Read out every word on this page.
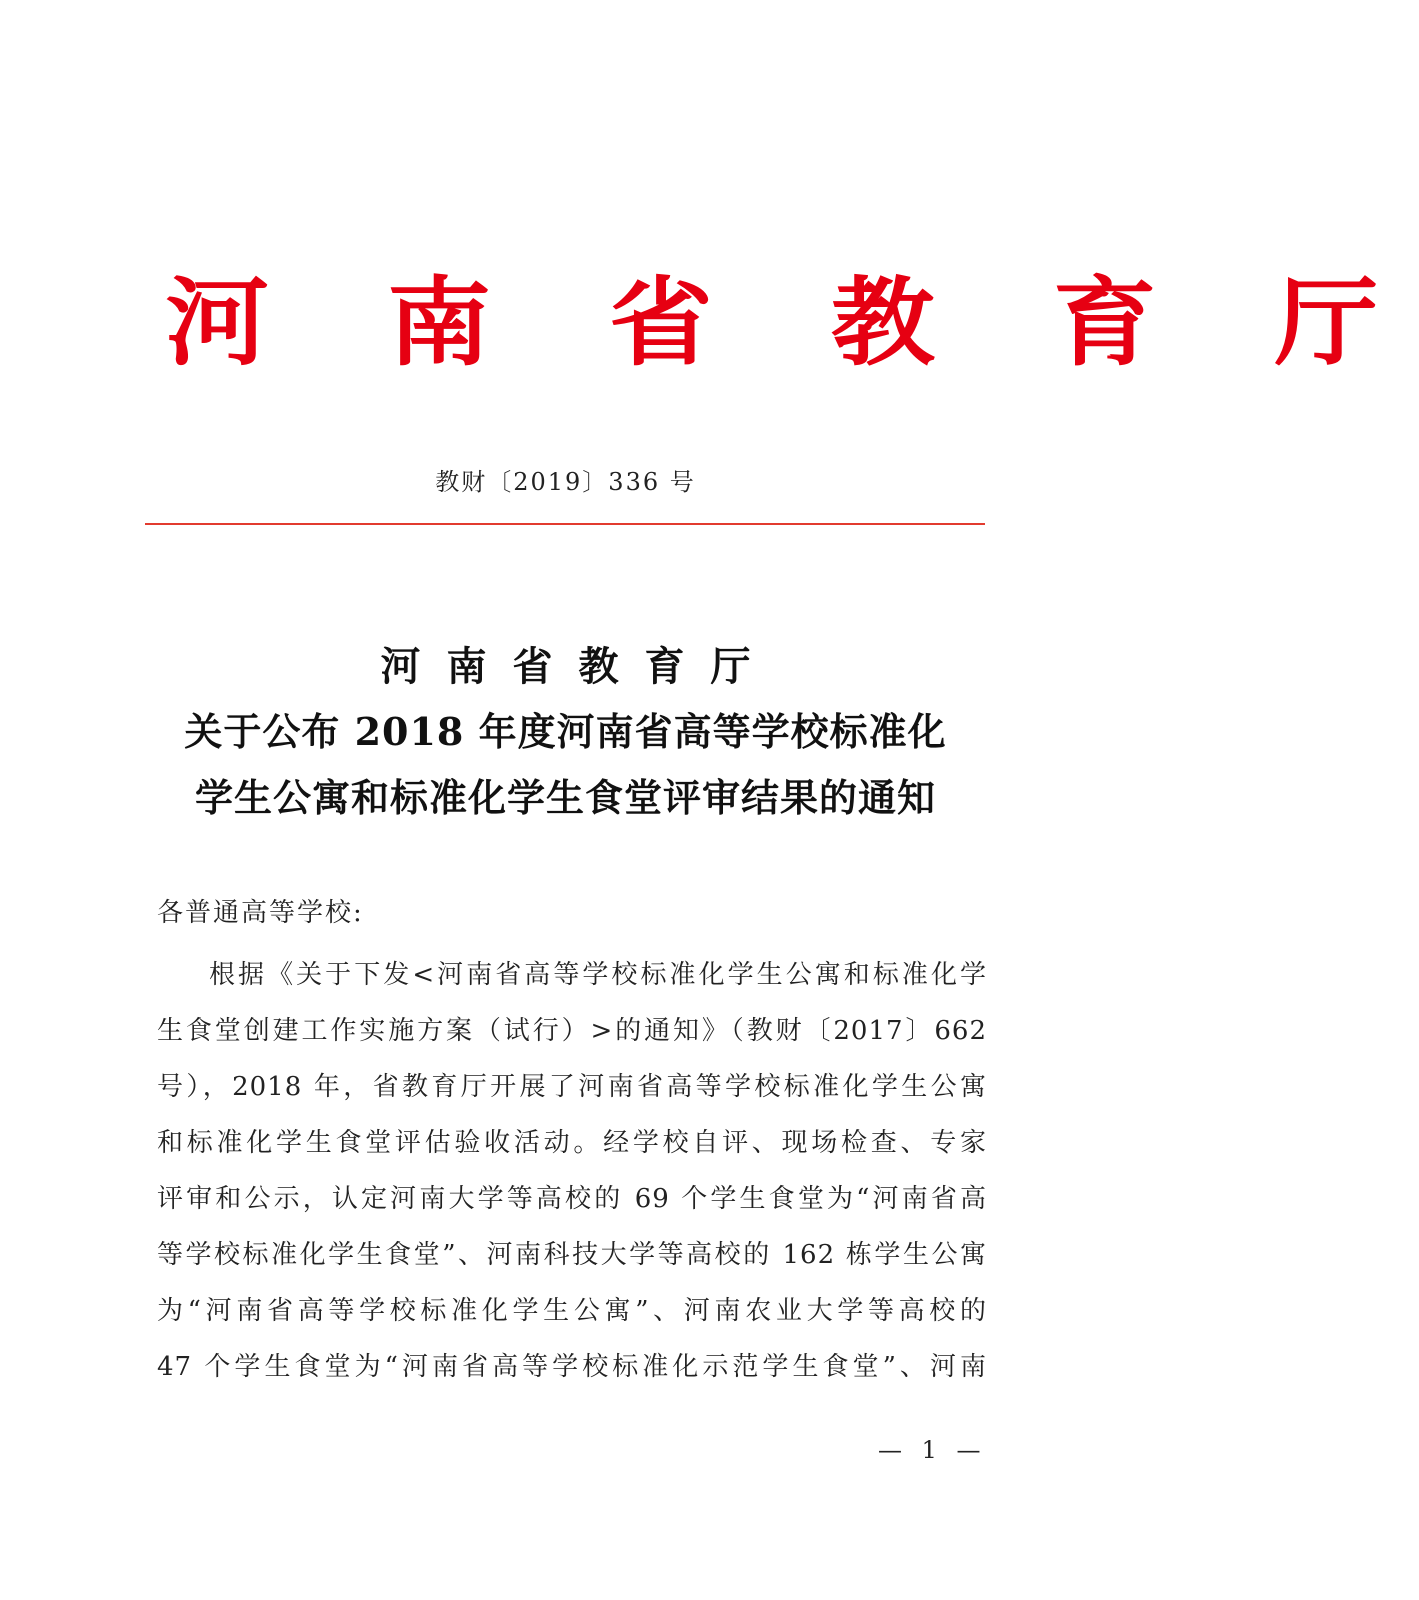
河 南 省 教 育 厅
教财〔2019〕336 号
河南省教育厅
关于公布 2018 年度河南省高等学校标准化
学生公寓和标准化学生食堂评审结果的通知
各普通高等学校:
根据《关于下发<河南省高等学校标准化学生公寓和标准化学
生食堂创建工作实施方案（试行）>的通知》（教财〔2017〕662
号），2018 年，省教育厅开展了河南省高等学校标准化学生公寓
和标准化学生食堂评估验收活动。经学校自评、现场检查、专家
评审和公示，认定河南大学等高校的 69 个学生食堂为“河南省高
等学校标准化学生食堂”、河南科技大学等高校的 162 栋学生公寓
为“河南省高等学校标准化学生公寓”、河南农业大学等高校的
47 个学生食堂为“河南省高等学校标准化示范学生食堂”、河南
— 1 —
